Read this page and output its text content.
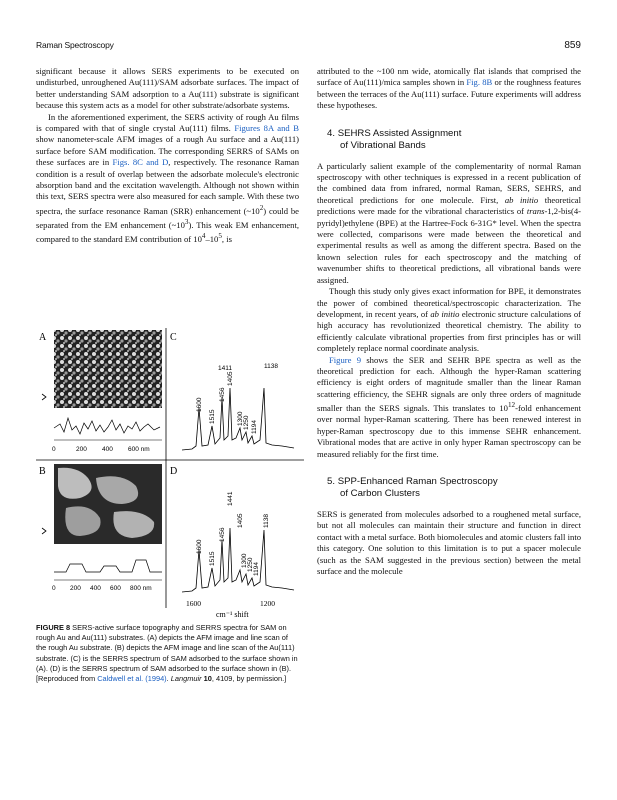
Raman Spectroscopy	859

significant because it allows SERS experiments to be executed on undisturbed, unroughened Au(111)/SAM adsorbate surfaces. The impact of better understanding SAM adsorption to a Au(111) substrate is significant because this system acts as a model for other substrate/adsorbate systems.

In the aforementioned experiment, the SERS activity of rough Au films is compared with that of single crystal Au(111) films. Figures 8A and B show nanometer-scale AFM images of a rough Au surface and a Au(111) surface before SAM modification. The corresponding SERRS of SAMs on these surfaces are in Figs. 8C and D, respectively. The resonance Raman condition is a result of overlap between the adsorbate molecule's electronic absorption band and the excitation wavelength. Although not shown within this text, SERS spectra were also measured for each sample. With these two spectra, the surface resonance Raman (SRR) enhancement $(\sim 10^2)$ could be separated from the EM enhancement $(\sim 10^3)$. This weak EM enhancement, compared to the standard EM contribution of $10^4-10^5$, is

A
0	200 400 600 nm
B
0 200 400 600 800 nm
C
1411
1600
1515
1456
1405
1300 1250 1194
1138
D
1441
1600
1515
1456
1405
1300 1250 1194
1138
1600	1200
cm⁻¹ shift
FIGURE 8 SERS-active surface topography and SERRS spectra for SAM on rough Au and Au(111) substrates. (A) depicts the AFM image and line scan of the rough Au substrate. (B) depicts the AFM image and line scan of the Au(111) substrate. (C) is the SERRS spectrum of SAM adsorbed to the surface shown in (A). (D) is the SERRS spectrum of SAM adsorbed to the surface shown in (B). [Reproduced from Caldwell et al. (1994). Langmuir 10, 4109, by permission.]

attributed to the ~100 nm wide, atomically flat islands that comprised the surface of Au(111)/mica samples shown in Fig. 8B or the roughness features between the terraces of the Au(111) surface. Future experiments will address these hypotheses.

4. SEHRS Assisted Assignment
of Vibrational Bands

A particularly salient example of the complementarity of normal Raman spectroscopy with other techniques is expressed in a recent publication of the combined data from infrared, normal Raman, SERS, SEHRS, and theoretical predictions for one molecule. First, ab initio theoretical predictions were made for the vibrational characteristics of trans-1,2-bis(4-pyridyl)ethylene (BPE) at the Hartree-Fock 6-31G* level. When the spectra were collected, comparisons were made between the theoretical and experimental results as well as among the different spectra. Based on the known selection rules for each spectroscopy and the matching of wavenumber shifts to theoretical predictions, all vibrational bands were assigned.

Though this study only gives exact information for BPE, it demonstrates the power of combined theoretical/spectroscopic characterization. The development, in recent years, of ab initio electronic structure calculations of high accuracy has revolutionized theoretical chemistry. The ability to efficiently calculate vibrational properties from first principles has or will completely replace normal coordinate analysis.

Figure 9 shows the SER and SEHR BPE spectra as well as the theoretical prediction for each. Although the hyper-Raman scattering efficiency is eight orders of magnitude smaller than the linear Raman scattering efficiency, the SEHR signals are only three orders of magnitude smaller than the SERS signals. This translates to $10^{12}$-fold enhancement over normal hyper-Raman scattering. There has been renewed interest in hyper-Raman spectroscopy due to this immense SEHR enhancement. Vibrational modes that are active in only hyper Raman spectroscopy can be measured reliably for the first time.

5. SPP-Enhanced Raman Spectroscopy
of Carbon Clusters

SERS is generated from molecules adsorbed to a roughened metal surface, but not all molecules can maintain their structure and function in direct contact with a metal surface. Both biomolecules and atomic clusters fall into this category. One solution to this limitation is to put a spacer molecule (such as the SAM suggested in the previous section) between the metal surface and the molecule
